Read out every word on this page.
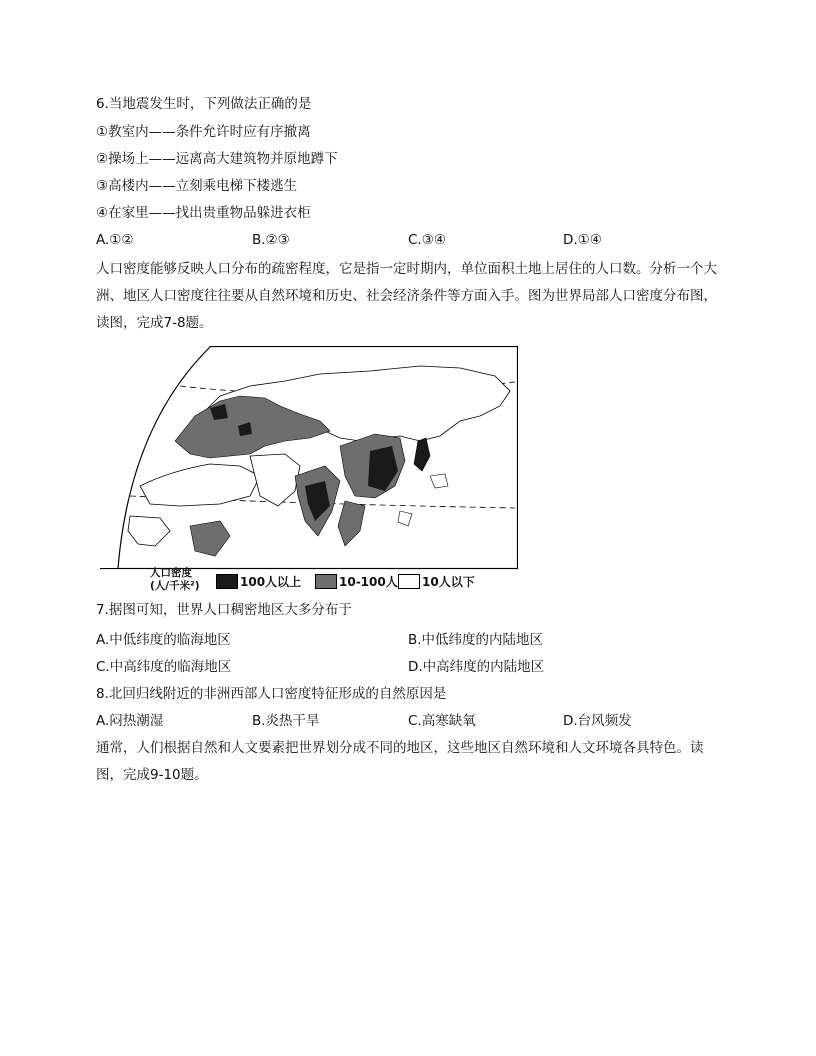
6.当地震发生时，下列做法正确的是
①教室内——条件允许时应有序撤离
②操场上——远离高大建筑物并原地蹲下
③高楼内——立刻乘电梯下楼逃生
④在家里——找出贵重物品躲进衣柜
A.①②	B.②③	C.③④	D.①④
人口密度能够反映人口分布的疏密程度，它是指一定时期内，单位面积土地上居住的人口数。分析一个大洲、地区人口密度往往要从自然环境和历史、社会经济条件等方面入手。图为世界局部人口密度分布图，读图，完成7-8题。
人口密度
(人/千米²)	100人以上	10-100人 10人以下
7.据图可知，世界人口稠密地区大多分布于
A.中低纬度的临海地区	B.中低纬度的内陆地区
C.中高纬度的临海地区	D.中高纬度的内陆地区
8.北回归线附近的非洲西部人口密度特征形成的自然原因是
A.闷热潮湿	B.炎热干旱	C.高寒缺氧	D.台风频发
通常，人们根据自然和人文要素把世界划分成不同的地区，这些地区自然环境和人文环境各具特色。读图，完成9-10题。
